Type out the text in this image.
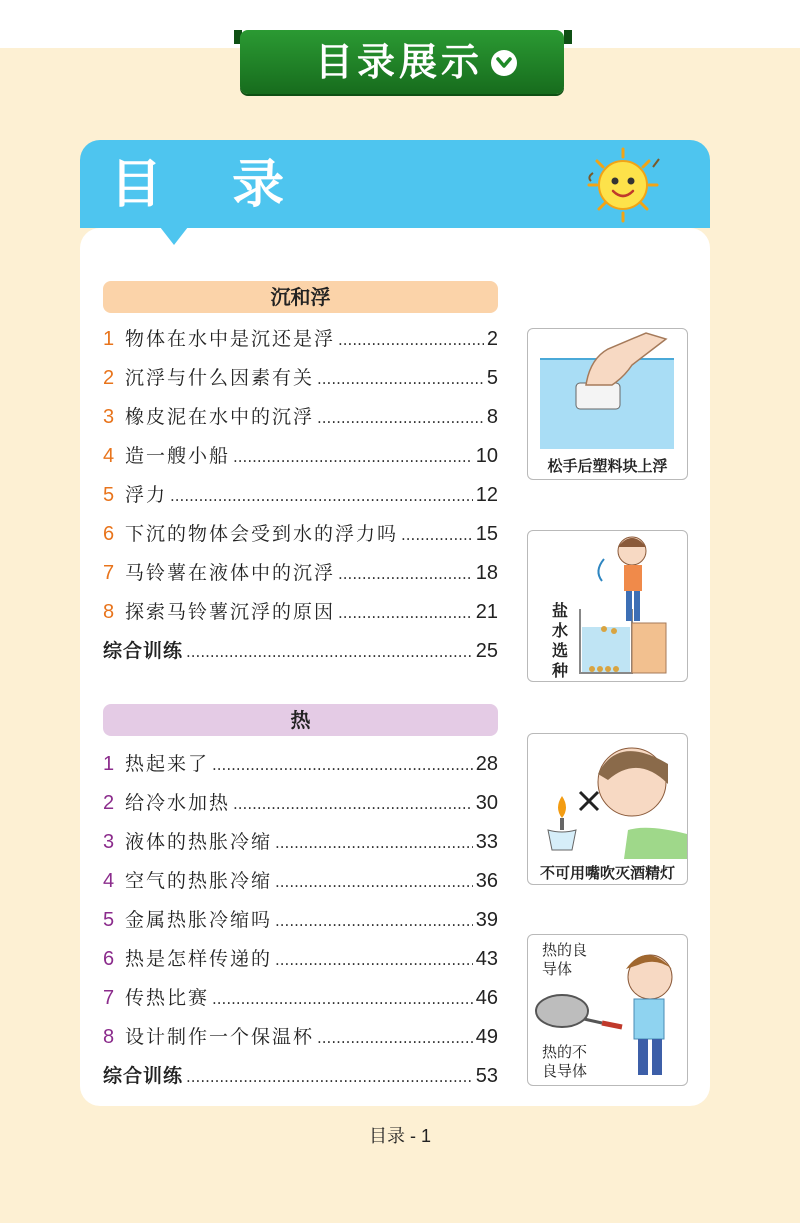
目录展示
目 录
沉和浮
1 物体在水中是沉还是浮 .....	2
2 沉浮与什么因素有关 .....	5
3 橡皮泥在水中的沉浮 .....	8
4 造一艘小船 .....	10
5 浮力 .....	12
6 下沉的物体会受到水的浮力吗 .....	15
7 马铃薯在液体中的沉浮 .....	18
8 探索马铃薯沉浮的原因 .....	21
综合训练 .....	25
热
1 热起来了 .....	28
2 给冷水加热 .....	30
3 液体的热胀冷缩 .....	33
4 空气的热胀冷缩 .....	36
5 金属热胀冷缩吗 .....	39
6 热是怎样传递的 .....	43
7 传热比赛 .....	46
8 设计制作一个保温杯 .....	49
综合训练 .....	53
松手后塑料块上浮
盐
水
选
种
不可用嘴吹灭酒精灯
热的良
导体
热的不
良导体
目录 - 1
